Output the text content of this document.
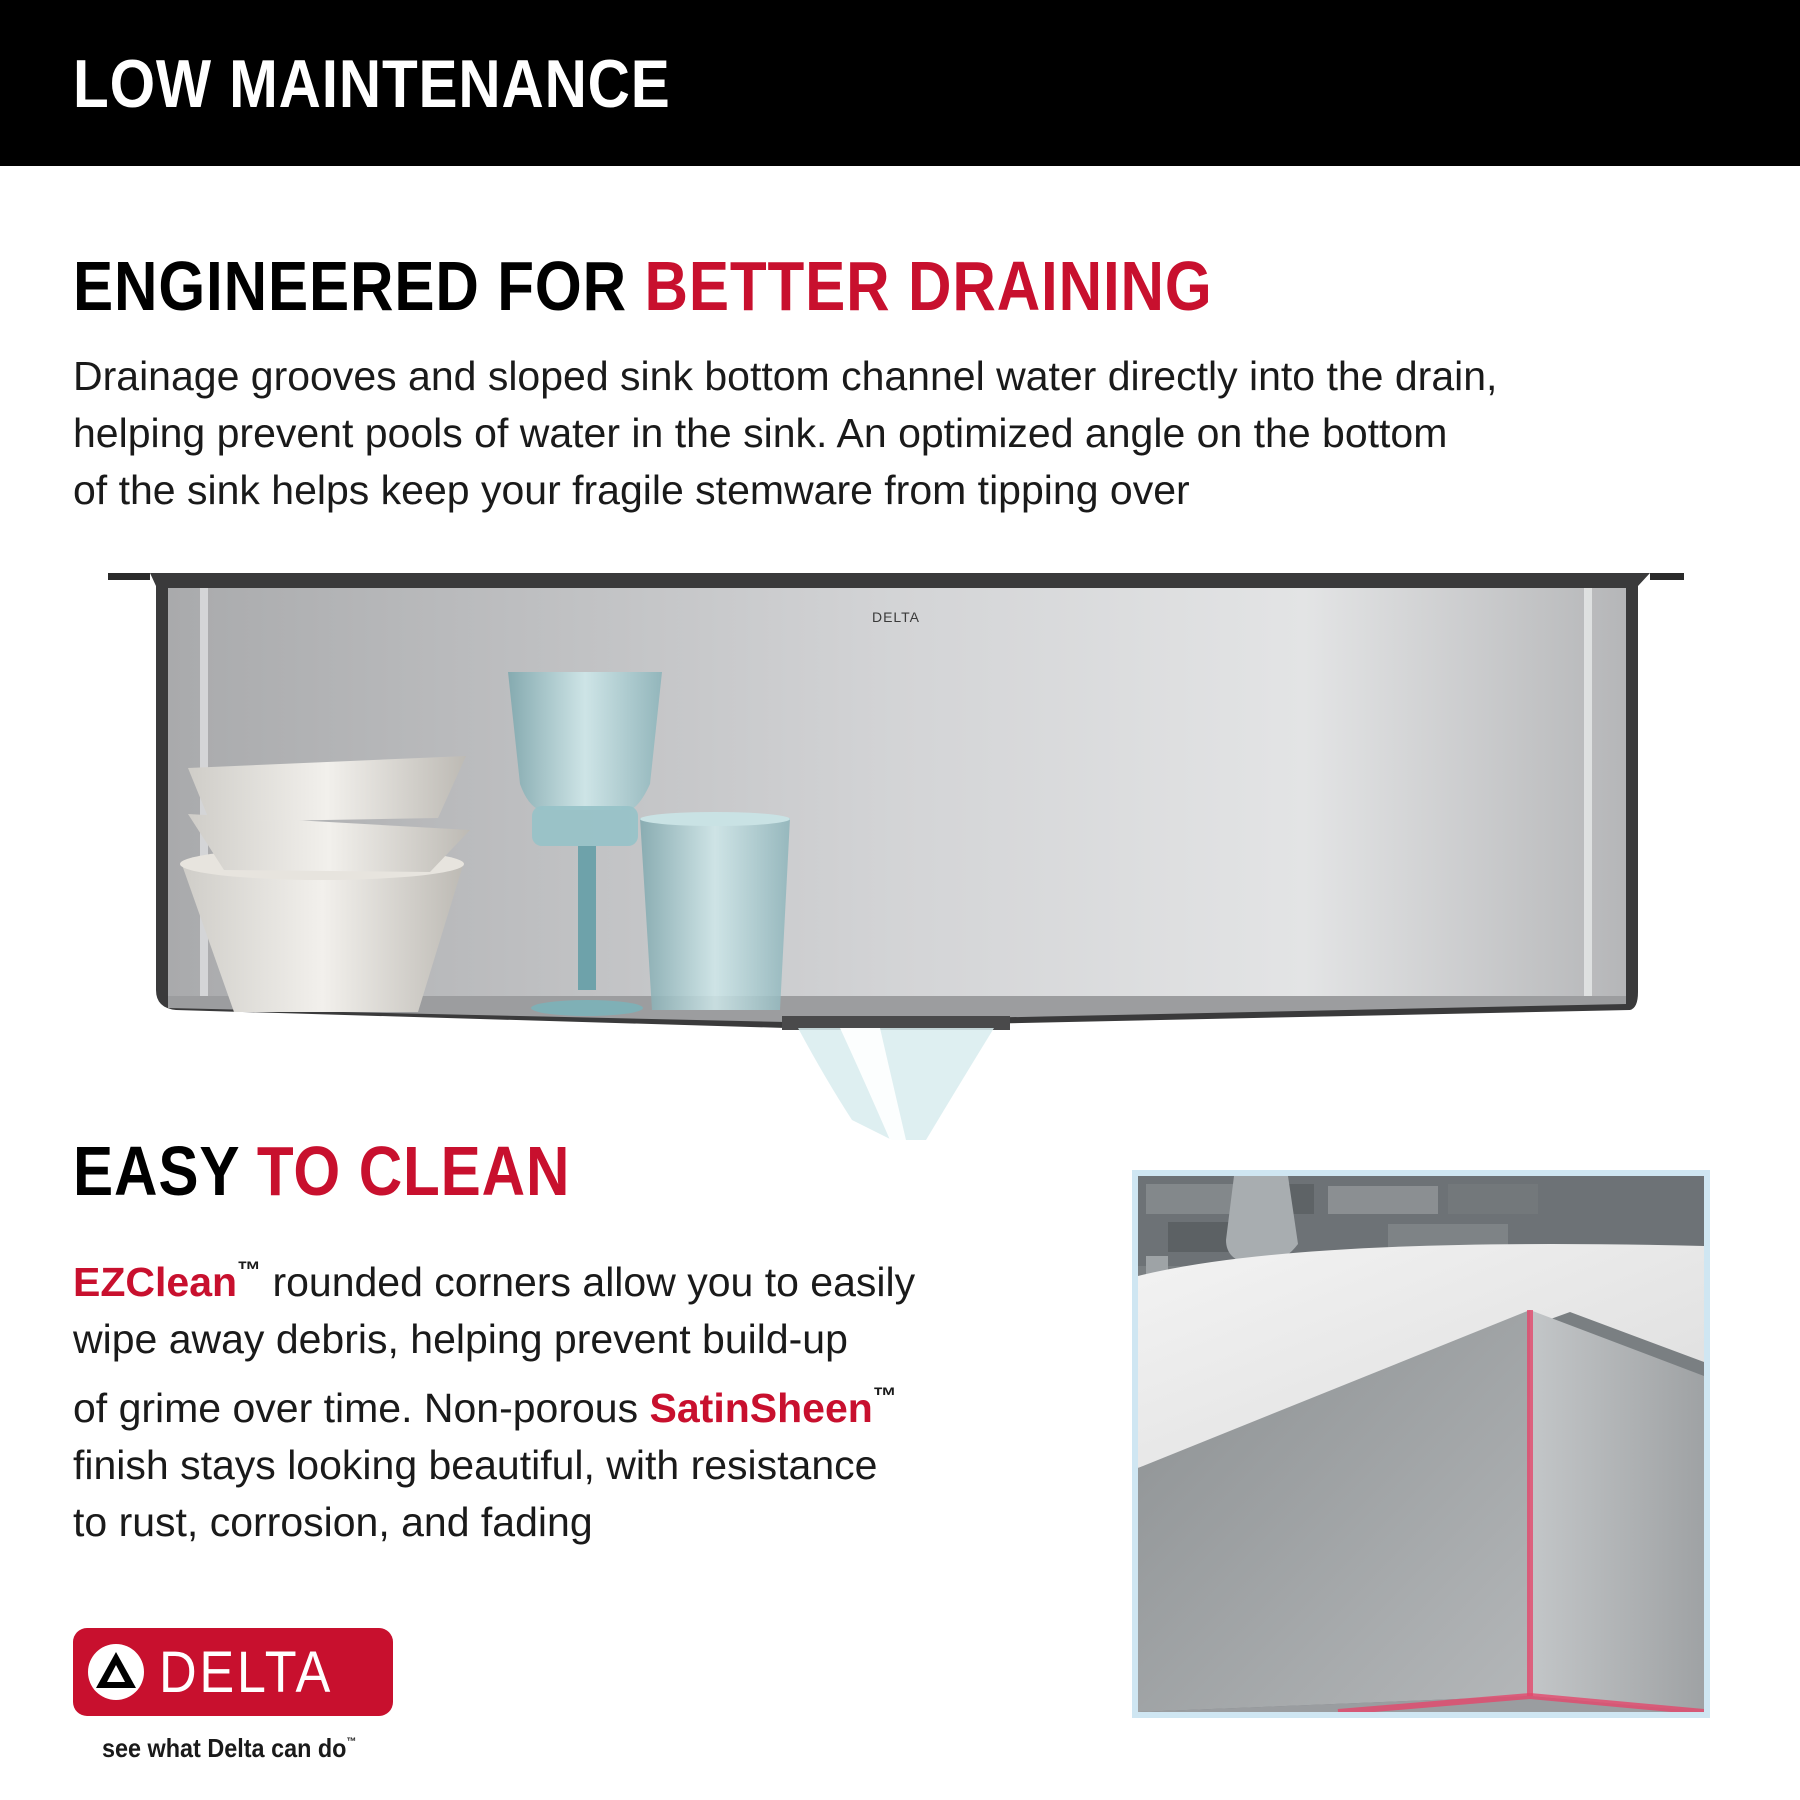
LOW MAINTENANCE
ENGINEERED FOR BETTER DRAINING

Drainage grooves and sloped sink bottom channel water directly into the drain,
helping prevent pools of water in the sink. An optimized angle on the bottom
of the sink helps keep your fragile stemware from tipping over

DELTA
EASY TO CLEAN

EZClean™ rounded corners allow you to easily
wipe away debris, helping prevent build-up
of grime over time. Non-porous SatinSheen™
finish stays looking beautiful, with resistance
to rust, corrosion, and fading

DELTA

see what Delta can do™
